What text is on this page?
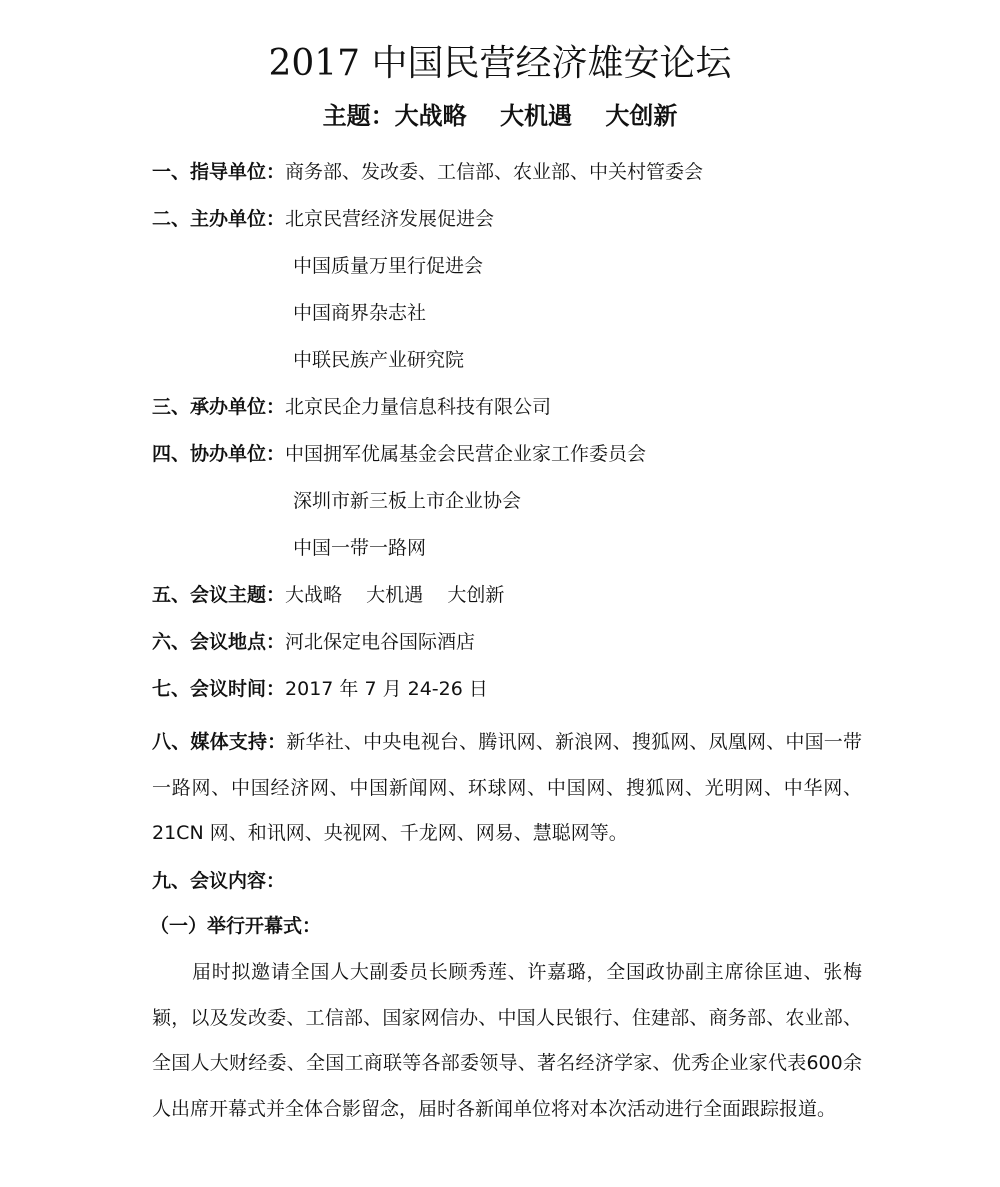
2017 中国民营经济雄安论坛
主题：大战略    大机遇    大创新
一、指导单位：商务部、发改委、工信部、农业部、中关村管委会
二、主办单位：北京民营经济发展促进会
中国质量万里行促进会
中国商界杂志社
中联民族产业研究院
三、承办单位：北京民企力量信息科技有限公司
四、协办单位：中国拥军优属基金会民营企业家工作委员会
深圳市新三板上市企业协会
中国一带一路网
五、会议主题：大战略    大机遇    大创新
六、会议地点：河北保定电谷国际酒店
七、会议时间：2017 年 7 月 24-26 日

八、媒体支持：新华社、中央电视台、腾讯网、新浪网、搜狐网、凤凰网、中国一带一路网、中国经济网、中国新闻网、环球网、中国网、搜狐网、光明网、中华网、21CN 网、和讯网、央视网、千龙网、网易、慧聪网等。

九、会议内容：
（一）举行开幕式：

届时拟邀请全国人大副委员长顾秀莲、许嘉璐，全国政协副主席徐匡迪、张梅颖，以及发改委、工信部、国家网信办、中国人民银行、住建部、商务部、农业部、全国人大财经委、全国工商联等各部委领导、著名经济学家、优秀企业家代表600余人出席开幕式并全体合影留念，届时各新闻单位将对本次活动进行全面跟踪报道。
